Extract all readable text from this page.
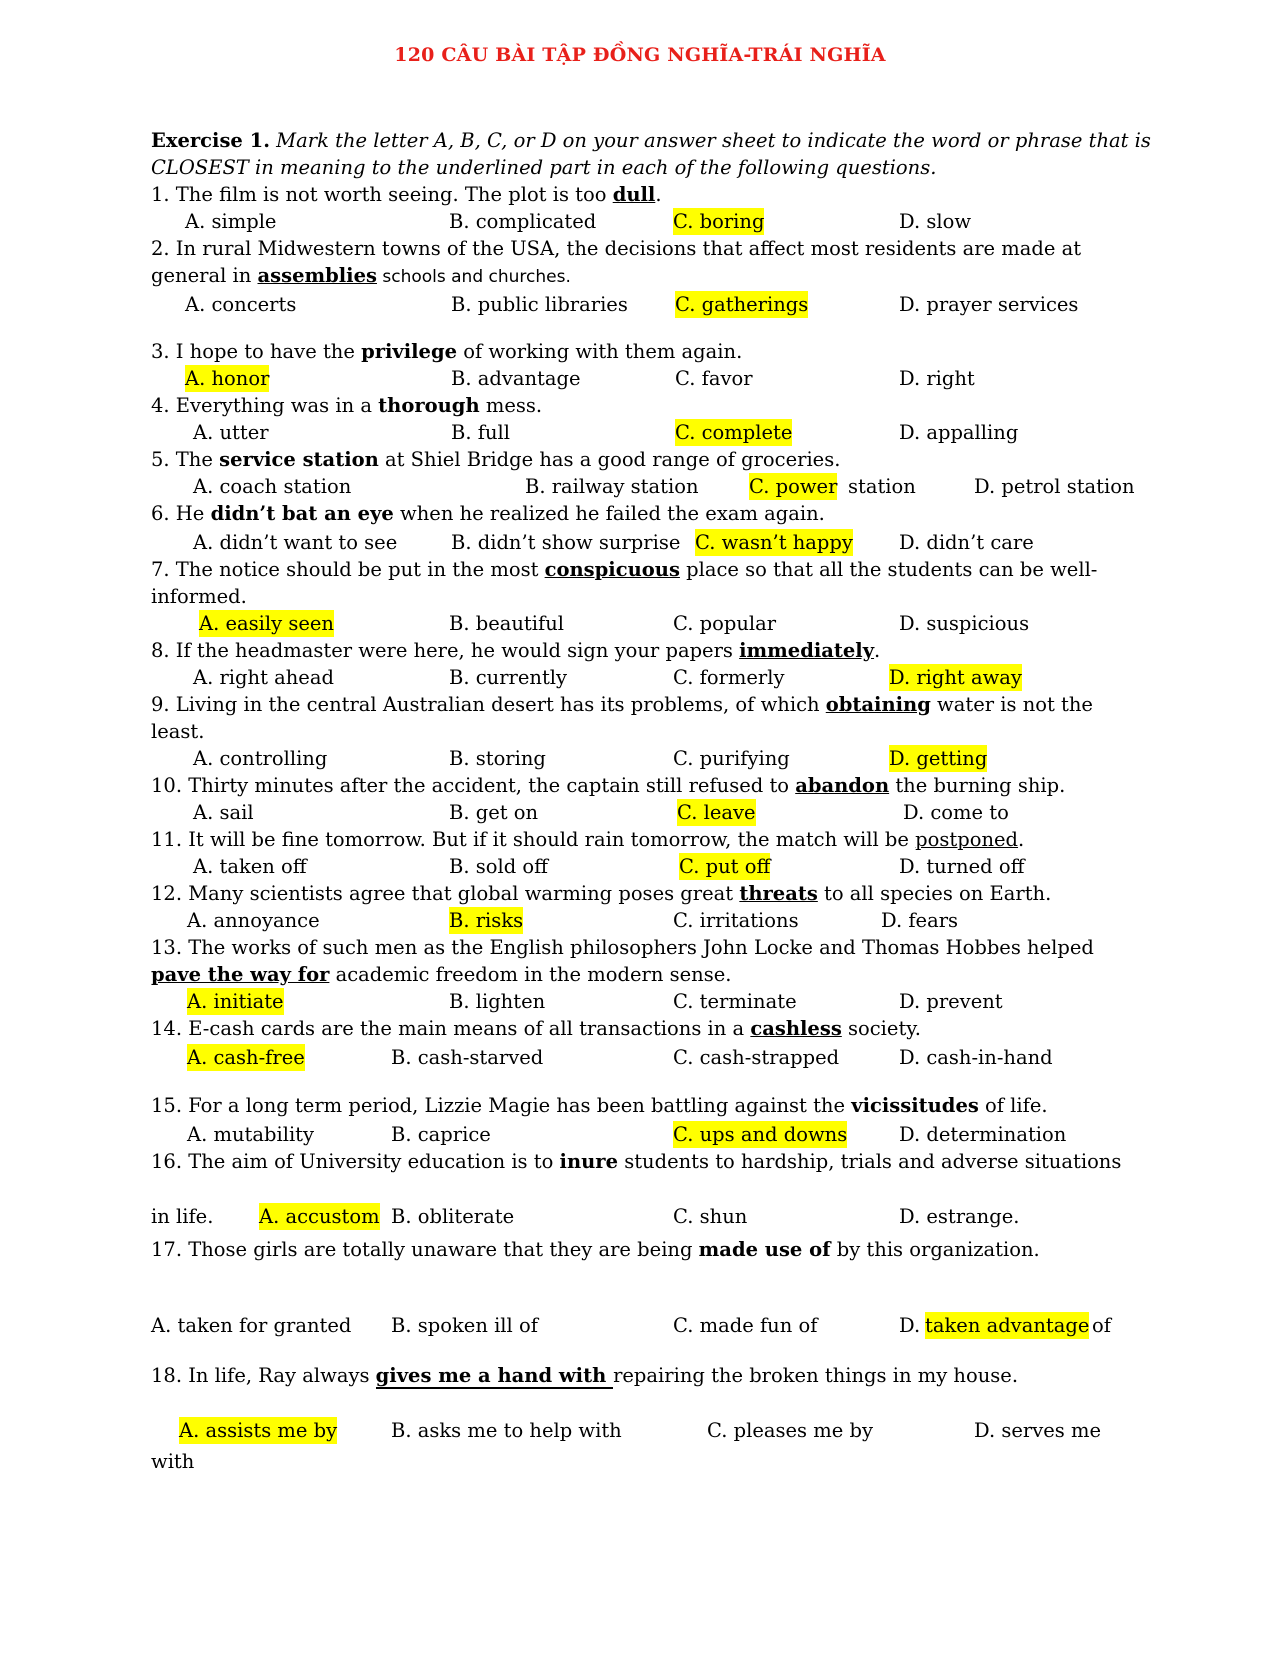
120 CÂU BÀI TẬP ĐỒNG NGHĨA-TRÁI NGHĨA
Exercise 1. Mark the letter A, B, C, or D on your answer sheet to indicate the word or phrase that is CLOSEST in meaning to the underlined part in each of the following questions.
1. The film is not worth seeing. The plot is too dull.
A. simple	B. complicated	C. boring	D. slow
2. In rural Midwestern towns of the USA, the decisions that affect most residents are made at
general in assemblies schools and churches.
A. concerts	B. public libraries C. gatherings	D. prayer services
3. I hope to have the privilege of working with them again.
A. honor	B. advantage	C. favor	D. right
4. Everything was in a thorough mess.
A. utter	B. full	C. complete	D. appalling
5. The service station at Shiel Bridge has a good range of groceries.
A. coach station	B. railway station	C. power station	D. petrol station
6. He didn’t bat an eye when he realized he failed the exam again.
A. didn’t want to see	B. didn’t show surprise C. wasn’t happy D. didn’t care
7. The notice should be put in the most conspicuous place so that all the students can be well-
informed.
A. easily seen	B. beautiful	C. popular	D. suspicious
8. If the headmaster were here, he would sign your papers immediately.
A. right ahead	B. currently	C. formerly	D. right away
9. Living in the central Australian desert has its problems, of which obtaining water is not the
least.
A. controlling	B. storing	C. purifying	D. getting
10. Thirty minutes after the accident, the captain still refused to abandon the burning ship.
A. sail	B. get on	C. leave	D. come to
11. It will be fine tomorrow. But if it should rain tomorrow, the match will be postponed.
A. taken off	B. sold off	C. put off	D. turned off
12. Many scientists agree that global warming poses great threats to all species on Earth.
A. annoyance	B. risks	C. irritations	D. fears
13. The works of such men as the English philosophers John Locke and Thomas Hobbes helped
pave the way for academic freedom in the modern sense.
A. initiate	B. lighten	C. terminate	D. prevent
14. E-cash cards are the main means of all transactions in a cashless society.
A. cash-free	B. cash-starved	C. cash-strapped	D. cash-in-hand
15. For a long term period, Lizzie Magie has been battling against the vicissitudes of life.
A. mutability	B. caprice	C. ups and downs	D. determination
16. The aim of University education is to inure students to hardship, trials and adverse situations
in life. A. accustom B. obliterate	C. shun	D. estrange.
17. Those girls are totally unaware that they are being made use of by this organization.
A. taken for granted B. spoken ill of	C. made fun of	D. taken advantage of
18. In life, Ray always gives me a hand with repairing the broken things in my house.
A. assists me by	B. asks me to help with	C. pleases me by	D. serves me
with
